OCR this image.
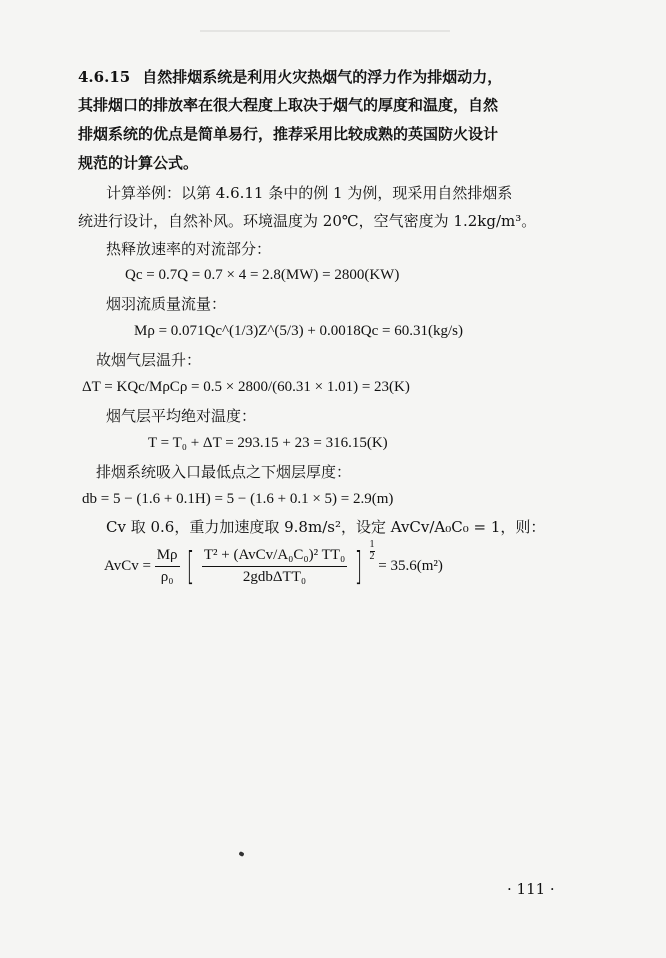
4.6.15 自然排烟系统是利用火灾热烟气的浮力作为排烟动力，
其排烟口的排放率在很大程度上取决于烟气的厚度和温度，自然
排烟系统的优点是简单易行，推荐采用比较成熟的英国防火设计
规范的计算公式。
计算举例：以第 4.6.11 条中的例 1 为例，现采用自然排烟系
统进行设计，自然补风。环境温度为 20℃，空气密度为 1.2kg/m³。
热释放速率的对流部分：
Qc = 0.7Q = 0.7 × 4 = 2.8(MW) = 2800(KW)
烟羽流质量流量：
Mρ = 0.071Qc^(1/3)Z^(5/3) + 0.0018Qc = 60.31(kg/s)
故烟气层温升：
ΔT = KQc/MρCρ = 0.5 × 2800/(60.31 × 1.01) = 23(K)
烟气层平均绝对温度：
T = T₀ + ΔT = 293.15 + 23 = 316.15(K)
排烟系统吸入口最低点之下烟层厚度：
db = 5 − (1.6 + 0.1H) = 5 − (1.6 + 0.1 × 5) = 2.9(m)
Cv 取 0.6，重力加速度取 9.8m/s²，设定 AvCv/A₀C₀ = 1，则：
AvCv = $\frac{M\rho}{\text{ρ₀}}$ [ $\frac{\text{T² + (AvCv/A₀C₀)² TT₀}}{\text{2gdbΔTT₀}}$ ] $\frac{1}{2}$
= 35.6(m²)
· 111 ·
